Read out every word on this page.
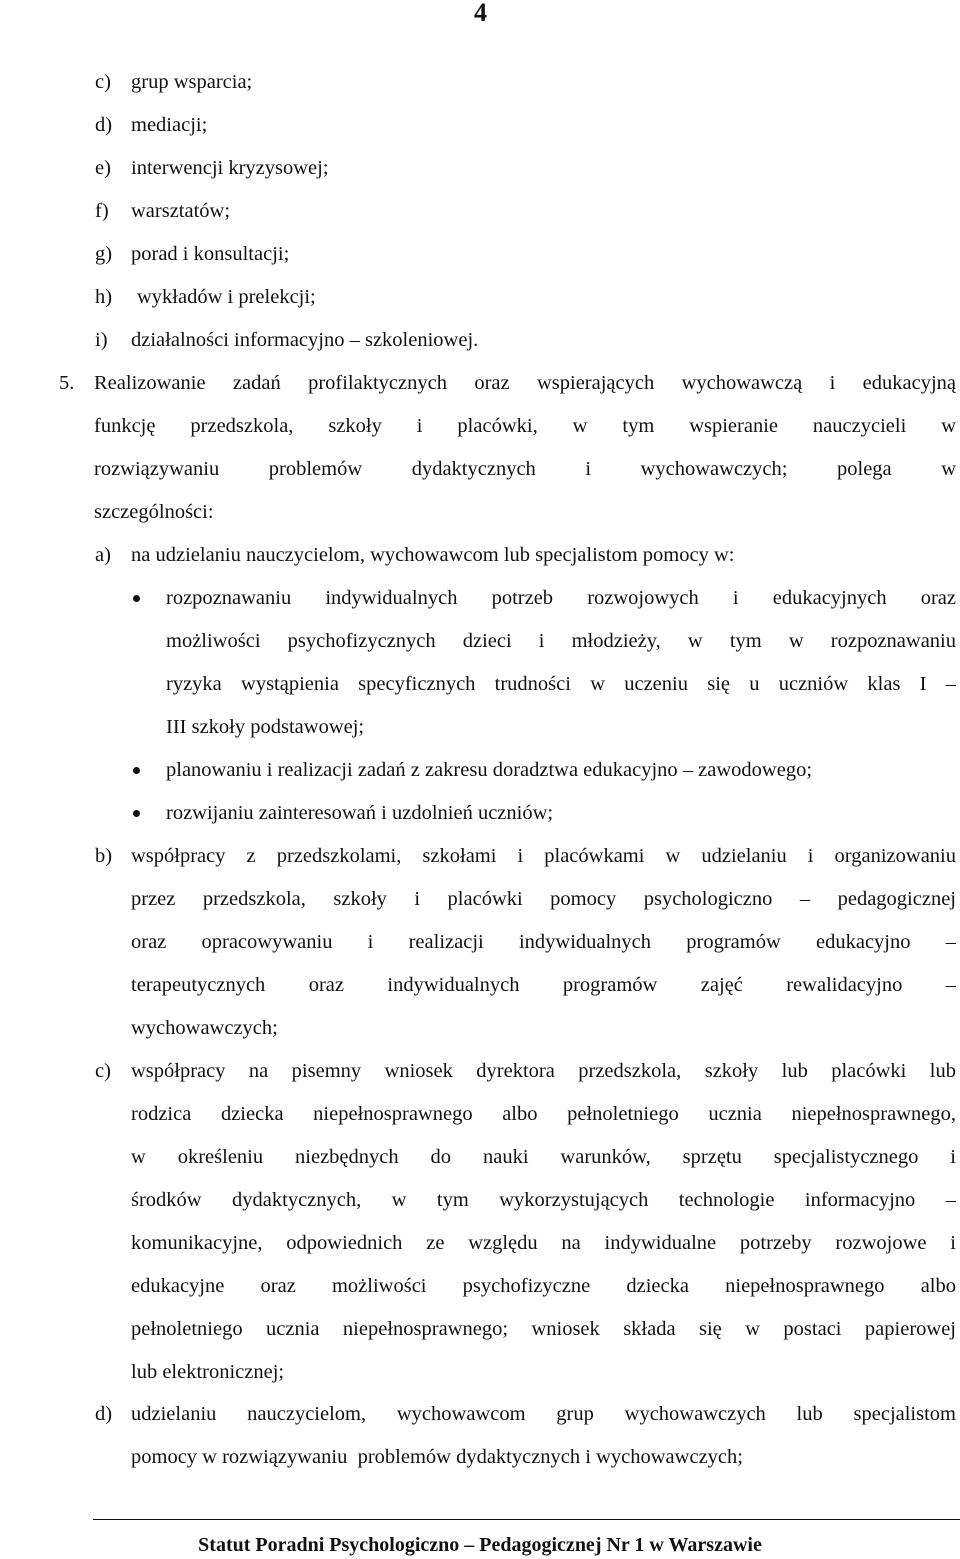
4
c) grup wsparcia;
d) mediacji;
e) interwencji kryzysowej;
f) warsztatów;
g) porad i konsultacji;
h) wykładów i prelekcji;
i) działalności informacyjno – szkoleniowej.
5. Realizowanie zadań profilaktycznych oraz wspierających wychowawczą i edukacyjną
funkcję przedszkola, szkoły i placówki, w tym wspieranie nauczycieli w
rozwiązywaniu problemów dydaktycznych i wychowawczych; polega w
szczególności:
a) na udzielaniu nauczycielom, wychowawcom lub specjalistom pomocy w:
rozpoznawaniu indywidualnych potrzeb rozwojowych i edukacyjnych oraz
możliwości psychofizycznych dzieci i młodzieży, w tym w rozpoznawaniu
ryzyka wystąpienia specyficznych trudności w uczeniu się u uczniów klas I –
III szkoły podstawowej;
planowaniu i realizacji zadań z zakresu doradztwa edukacyjno – zawodowego;
rozwijaniu zainteresowań i uzdolnień uczniów;
b) współpracy z przedszkolami, szkołami i placówkami w udzielaniu i organizowaniu
przez przedszkola, szkoły i placówki pomocy psychologiczno – pedagogicznej
oraz opracowywaniu i realizacji indywidualnych programów edukacyjno –
terapeutycznych oraz indywidualnych programów zajęć rewalidacyjno –
wychowawczych;
c) współpracy na pisemny wniosek dyrektora przedszkola, szkoły lub placówki lub
rodzica dziecka niepełnosprawnego albo pełnoletniego ucznia niepełnosprawnego,
w określeniu niezbędnych do nauki warunków, sprzętu specjalistycznego i
środków dydaktycznych, w tym wykorzystujących technologie informacyjno –
komunikacyjne, odpowiednich ze względu na indywidualne potrzeby rozwojowe i
edukacyjne oraz możliwości psychofizyczne dziecka niepełnosprawnego albo
pełnoletniego ucznia niepełnosprawnego; wniosek składa się w postaci papierowej
lub elektronicznej;
d) udzielaniu nauczycielom, wychowawcom grup wychowawczych lub specjalistom
pomocy w rozwiązywaniu  problemów dydaktycznych i wychowawczych;
Statut Poradni Psychologiczno – Pedagogicznej Nr 1 w Warszawie
